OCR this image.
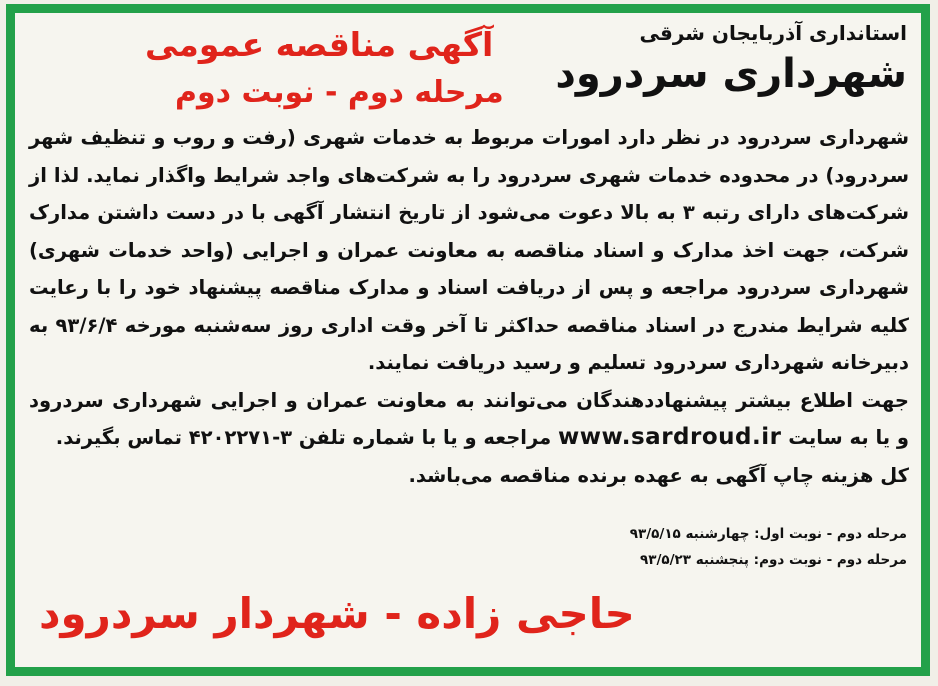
استانداری آذربایجان شرقی
شهرداری سردرود
آگهی مناقصه عمومی
مرحله دوم - نوبت دوم

شهرداری سردرود در نظر دارد امورات مربوط به خدمات شهری (رفت و روب و تنظیف شهر سردرود) در محدوده خدمات شهری سردرود را به شرکت‌های واجد شرایط واگذار نماید. لذا از شرکت‌های دارای رتبه ۳ به بالا دعوت می‌شود از تاریخ انتشار آگهی با در دست داشتن مدارک شرکت، جهت اخذ مدارک و اسناد مناقصه به معاونت عمران و اجرایی (واحد خدمات شهری) شهرداری سردرود مراجعه و پس از دریافت اسناد و مدارک مناقصه پیشنهاد خود را با رعایت کلیه شرایط مندرج در اسناد مناقصه حداکثر تا آخر وقت اداری روز سه‌شنبه مورخه ۹۳/۶/۴ به دبیرخانه شهرداری سردرود تسلیم و رسید دریافت نمایند.

جهت اطلاع بیشتر پیشنهاددهندگان می‌توانند به معاونت عمران و اجرایی شهرداری سردرود و یا به سایت www.sardroud.ir مراجعه و یا با شماره تلفن ۳-۴۲۰۲۲۷۱ تماس بگیرند.

کل هزینه چاپ آگهی به عهده برنده مناقصه می‌باشد.

مرحله دوم - نوبت اول: چهارشنبه ۹۳/۵/۱۵
مرحله دوم - نوبت دوم: پنجشنبه ۹۳/۵/۲۳
حاجی زاده - شهردار سردرود
